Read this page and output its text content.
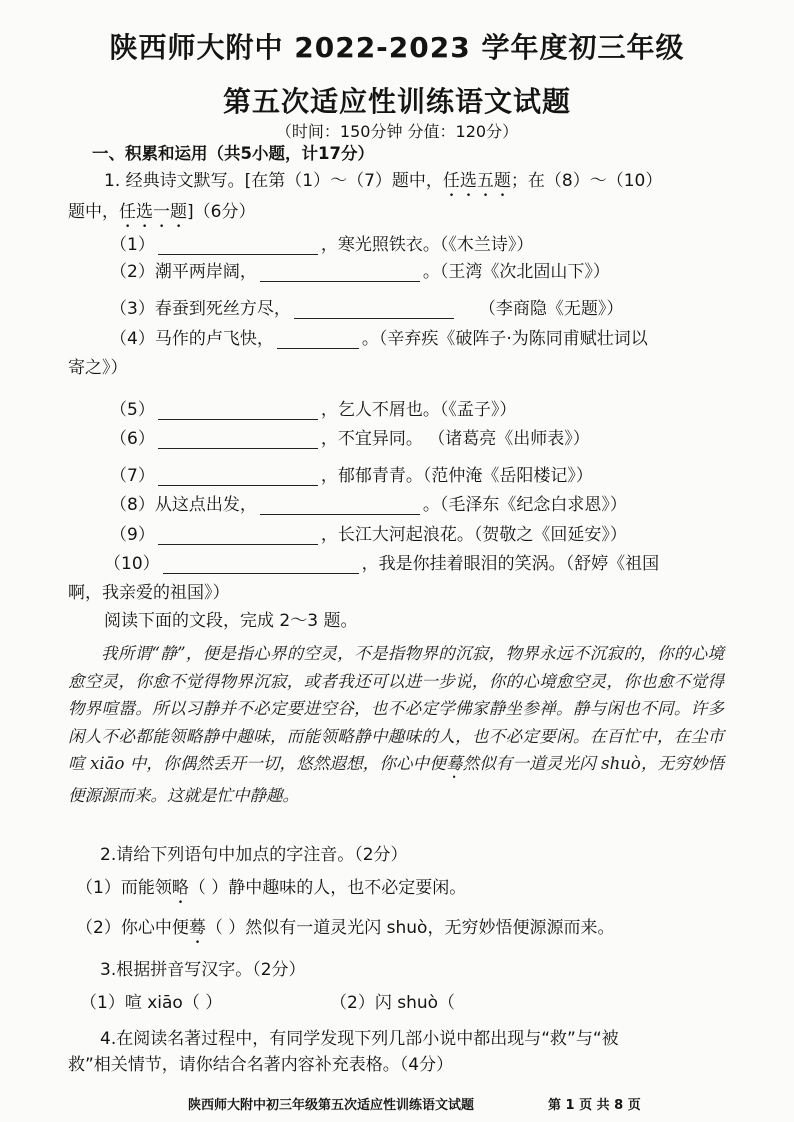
陕西师大附中 2022-2023 学年度初三年级
第五次适应性训练语文试题
（时间：150分钟 分值：120分）
一、积累和运用（共5小题，计17分）
1. 经典诗文默写。[在第（1）～（7）题中，任选五题；在（8）～（10）
题中，任选一题]（6分）
（1）	，寒光照铁衣。（《木兰诗》）
（2）潮平两岸阔，	。（王湾《次北固山下》）
（3）春蚕到死丝方尽，	（李商隐《无题》）
（4）马作的卢飞快，	。（辛弃疾《破阵子·为陈同甫赋壮词以
寄之》）
（5）	，乞人不屑也。（《孟子》）
（6）	，不宜异同。 （诸葛亮《出师表》）
（7）	，郁郁青青。（范仲淹《岳阳楼记》）
（8）从这点出发，	。（毛泽东《纪念白求恩》）
（9）	，长江大河起浪花。（贺敬之《回延安》）
（10）	，我是你挂着眼泪的笑涡。（舒婷《祖国
啊，我亲爱的祖国》）
阅读下面的文段，完成 2～3 题。
我所谓“静”，便是指心界的空灵，不是指物界的沉寂，物界永远不沉寂的，你的心境愈空灵，你愈不觉得物界沉寂，或者我还可以进一步说，你的心境愈空灵，你也愈不觉得物界喧嚣。所以习静并不必定要进空谷，也不必定学佛家静坐参禅。静与闲也不同。许多闲人不必都能领略静中趣味，而能领略静中趣味的人，也不必定要闲。在百忙中，在尘市喧 xiāo 中，你偶然丢开一切，悠然遐想，你心中便蓦然似有一道灵光闪 shuò，无穷妙悟便源源而来。这就是忙中静趣。
2.请给下列语句中加点的字注音。（2分）
（1）而能领略（ ）静中趣味的人，也不必定要闲。
（2）你心中便蓦（ ）然似有一道灵光闪 shuò，无穷妙悟便源源而来。
3.根据拼音写汉字。（2分）
（1）喧 xiāo（ ）	（2）闪 shuò（
4.在阅读名著过程中，有同学发现下列几部小说中都出现与“救”与“被
救”相关情节，请你结合名著内容补充表格。（4分）
陕西师大附中初三年级第五次适应性训练语文试题	第 1 页 共 8 页
